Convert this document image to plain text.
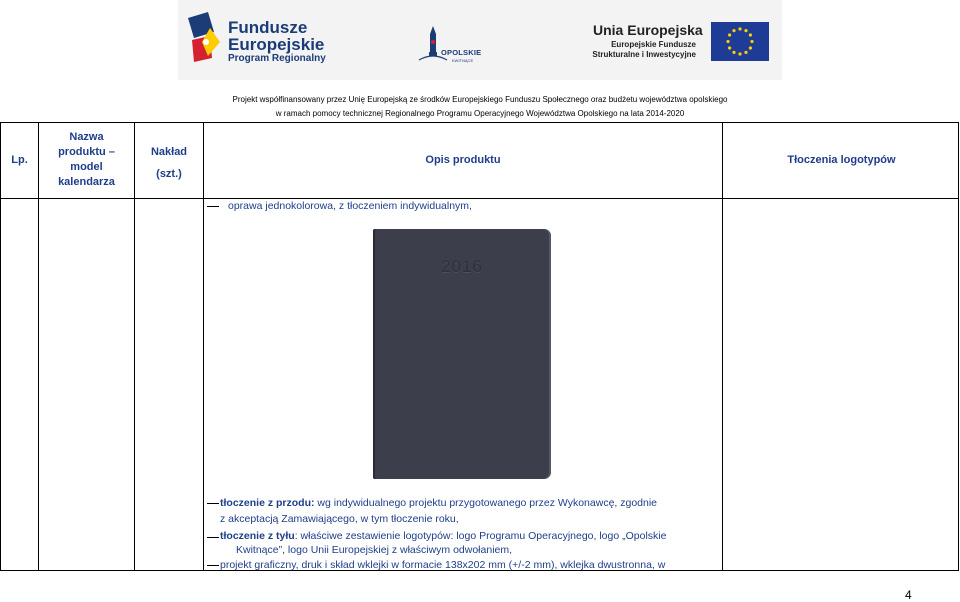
Fundusze
Europejskie
Program Regionalny
OPOLSKIE
KWITNĄCE
Unia Europejska
Europejskie Fundusze
Strukturalne i Inwestycyjne
Projekt współfinansowany przez Unię Europejską ze środków Europejskiego Funduszu Społecznego oraz budżetu województwa opolskiego
w ramach pomocy technicznej Regionalnego Programu Operacyjnego Województwa Opolskiego na lata 2014-2020
Lp.
Nazwa
produktu –
model
kalendarza
Nakład
(szt.)
Opis produktu	Tłoczenia logotypów
oprawa jednokolorowa, z tłoczeniem indywidualnym,
2016
tłoczenie z przodu: wg indywidualnego projektu przygotowanego przez Wykonawcę, zgodnie
z akceptacją Zamawiającego, w tym tłoczenie roku,
tłoczenie z tyłu: właściwe zestawienie logotypów: logo Programu Operacyjnego, logo „Opolskie
Kwitnące”, logo Unii Europejskiej z właściwym odwołaniem,
projekt graficzny, druk i skład wklejki w formacie 138x202 mm (+/-2 mm), wklejka dwustronna, w
4
